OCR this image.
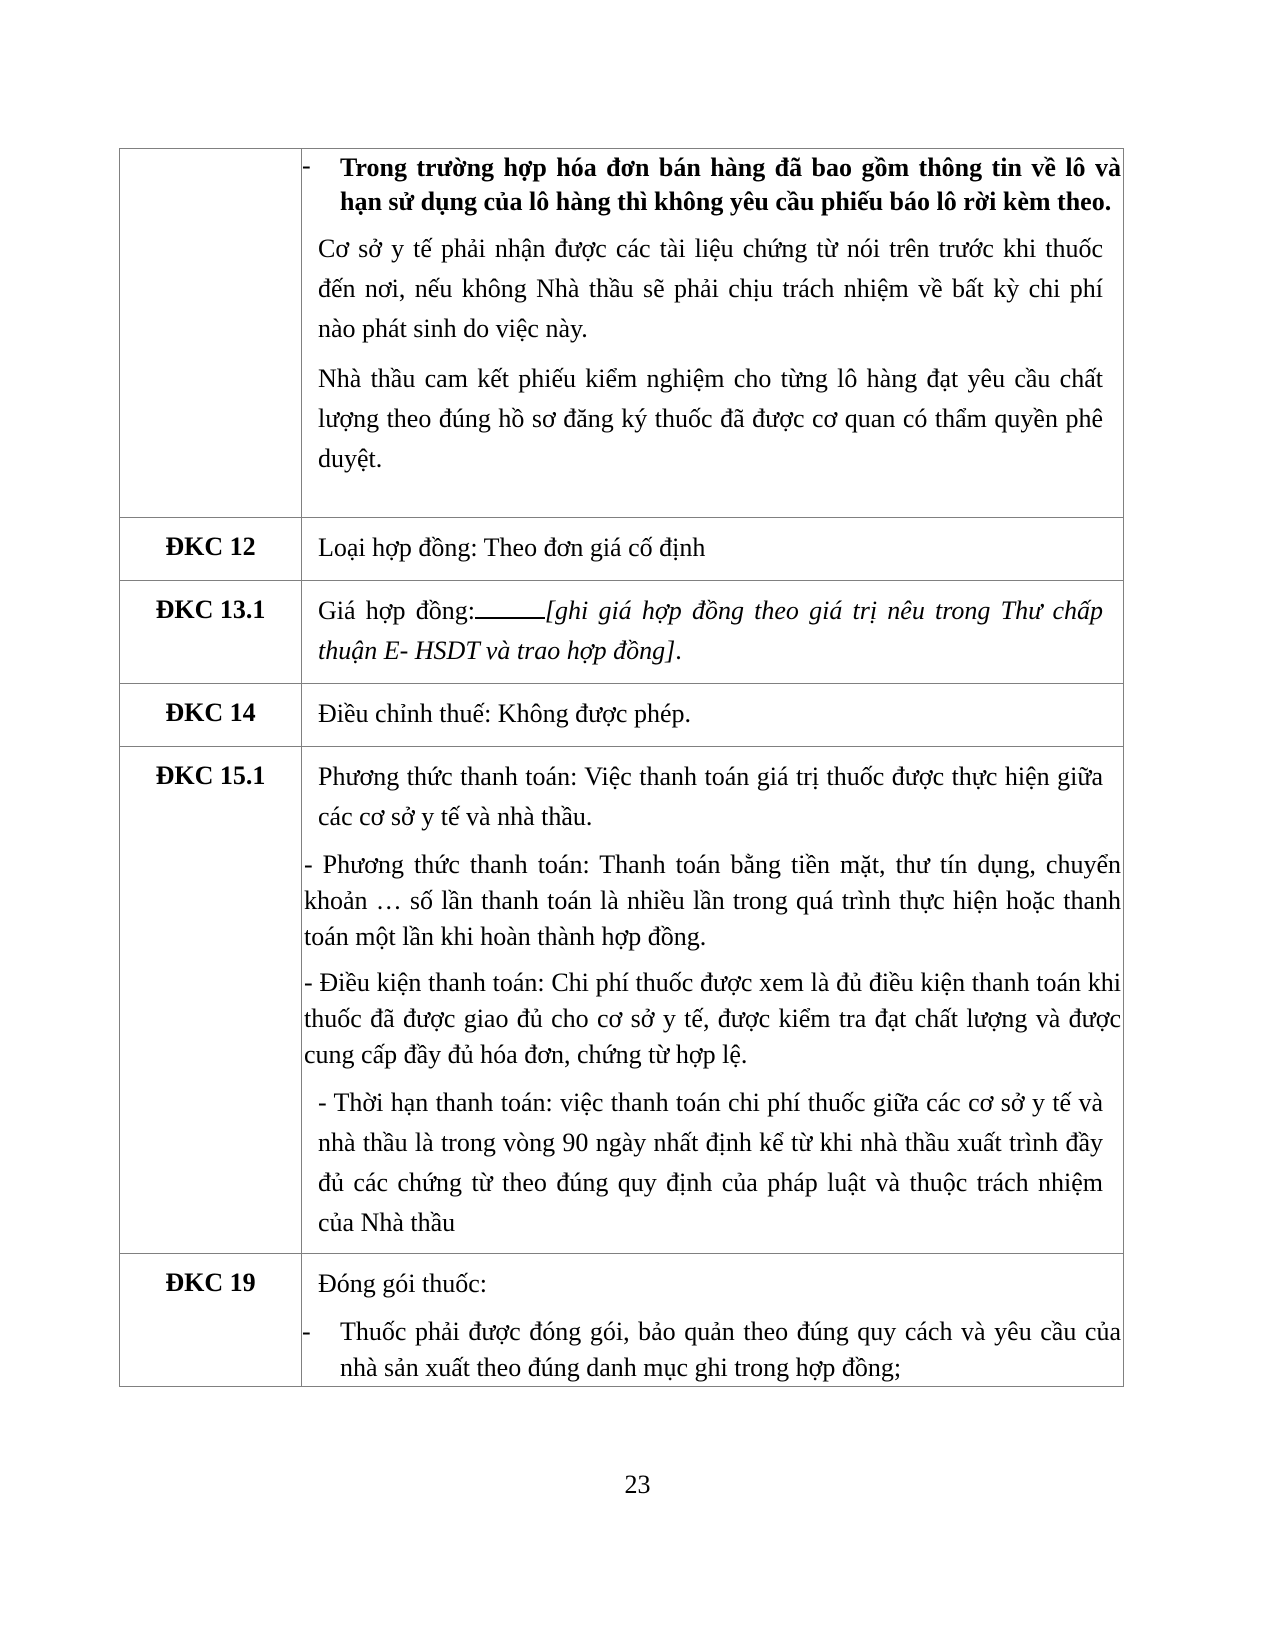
	- Trong trường hợp hóa đơn bán hàng đã bao gồm thông tin về lô và hạn sử dụng của lô hàng thì không yêu cầu phiếu báo lô rời kèm theo.

Cơ sở y tế phải nhận được các tài liệu chứng từ nói trên trước khi thuốc đến nơi, nếu không Nhà thầu sẽ phải chịu trách nhiệm về bất kỳ chi phí nào phát sinh do việc này.

Nhà thầu cam kết phiếu kiểm nghiệm cho từng lô hàng đạt yêu cầu chất lượng theo đúng hồ sơ đăng ký thuốc đã được cơ quan có thẩm quyền phê duyệt.

ĐKC 12	Loại hợp đồng: Theo đơn giá cố định

ĐKC 13.1	Giá hợp đồng: [ghi giá hợp đồng theo giá trị nêu trong Thư chấp thuận E- HSDT và trao hợp đồng].

ĐKC 14	Điều chỉnh thuế: Không được phép.

ĐKC 15.1	Phương thức thanh toán: Việc thanh toán giá trị thuốc được thực hiện giữa các cơ sở y tế và nhà thầu.

- Phương thức thanh toán: Thanh toán bằng tiền mặt, thư tín dụng, chuyển khoản … số lần thanh toán là nhiều lần trong quá trình thực hiện hoặc thanh toán một lần khi hoàn thành hợp đồng.

- Điều kiện thanh toán: Chi phí thuốc được xem là đủ điều kiện thanh toán khi thuốc đã được giao đủ cho cơ sở y tế, được kiểm tra đạt chất lượng và được cung cấp đầy đủ hóa đơn, chứng từ hợp lệ.

- Thời hạn thanh toán: việc thanh toán chi phí thuốc giữa các cơ sở y tế và nhà thầu là trong vòng 90 ngày nhất định kể từ khi nhà thầu xuất trình đầy đủ các chứng từ theo đúng quy định của pháp luật và thuộc trách nhiệm của Nhà thầu

ĐKC 19	Đóng gói thuốc:

- Thuốc phải được đóng gói, bảo quản theo đúng quy cách và yêu cầu của nhà sản xuất theo đúng danh mục ghi trong hợp đồng;
23
